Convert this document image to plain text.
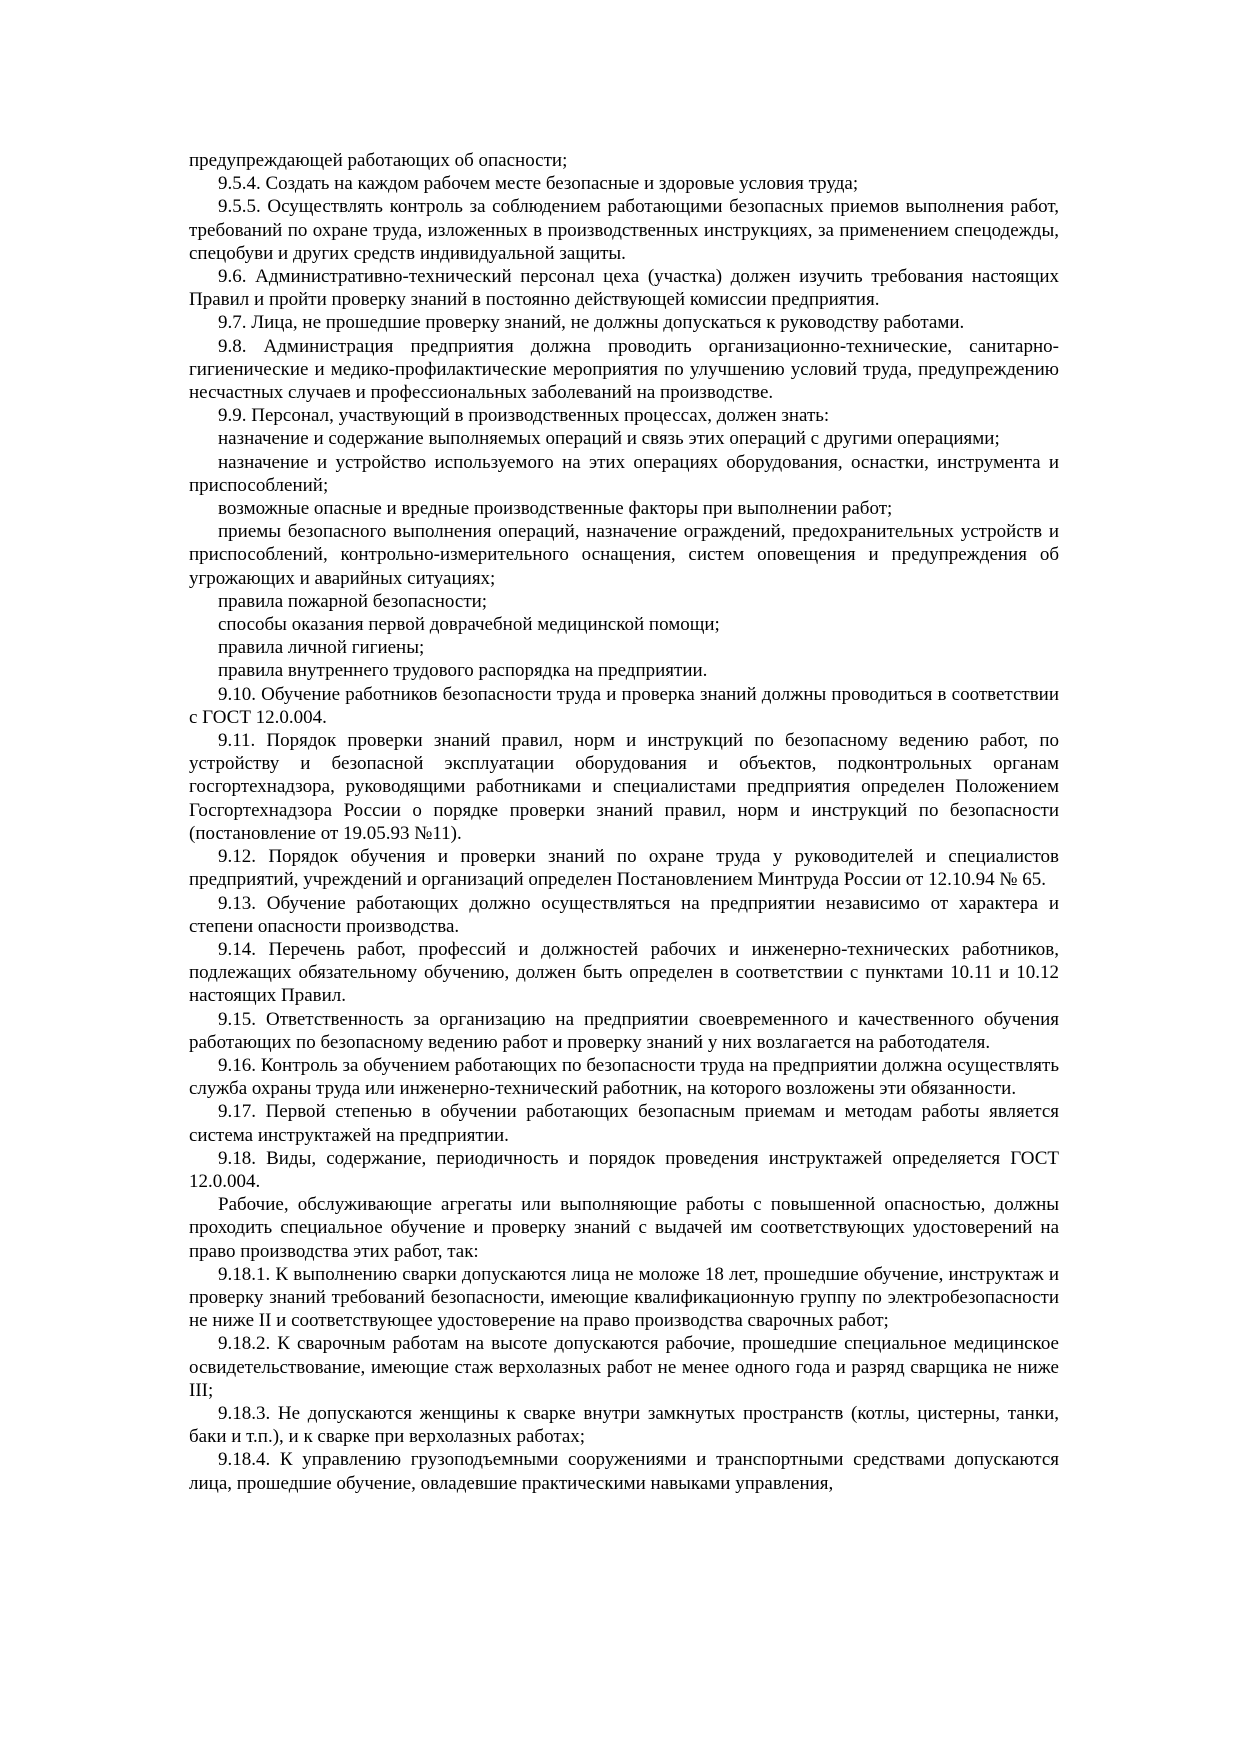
предупреждающей работающих об опасности;

9.5.4. Создать на каждом рабочем месте безопасные и здоровые условия труда;

9.5.5. Осуществлять контроль за соблюдением работающими безопасных приемов выполнения работ, требований по охране труда, изложенных в производственных инструкциях, за применением спецодежды, спецобуви и других средств индивидуальной защиты.

9.6. Административно-технический персонал цеха (участка) должен изучить требования настоящих Правил и пройти проверку знаний в постоянно действующей комиссии предприятия.

9.7. Лица, не прошедшие проверку знаний, не должны допускаться к руководству работами.

9.8. Администрация предприятия должна проводить организационно-технические, санитарно-гигиенические и медико-профилактические мероприятия по улучшению условий труда, предупреждению несчастных случаев и профессиональных заболеваний на производстве.

9.9. Персонал, участвующий в производственных процессах, должен знать:

назначение и содержание выполняемых операций и связь этих операций с другими операциями;

назначение и устройство используемого на этих операциях оборудования, оснастки, инструмента и приспособлений;

возможные опасные и вредные производственные факторы при выполнении работ;

приемы безопасного выполнения операций, назначение ограждений, предохранительных устройств и приспособлений, контрольно-измерительного оснащения, систем оповещения и предупреждения об угрожающих и аварийных ситуациях;

правила пожарной безопасности;

способы оказания первой доврачебной медицинской помощи;

правила личной гигиены;

правила внутреннего трудового распорядка на предприятии.

9.10. Обучение работников безопасности труда и проверка знаний должны проводиться в соответствии с ГОСТ 12.0.004.

9.11. Порядок проверки знаний правил, норм и инструкций по безопасному ведению работ, по устройству и безопасной эксплуатации оборудования и объектов, подконтрольных органам госгортехнадзора, руководящими работниками и специалистами предприятия определен Положением Госгортехнадзора России о порядке проверки знаний правил, норм и инструкций по безопасности (постановление от 19.05.93 №11).

9.12. Порядок обучения и проверки знаний по охране труда у руководителей и специалистов предприятий, учреждений и организаций определен Постановлением Минтруда России от 12.10.94 № 65.

9.13. Обучение работающих должно осуществляться на предприятии независимо от характера и степени опасности производства.

9.14. Перечень работ, профессий и должностей рабочих и инженерно-технических работников, подлежащих обязательному обучению, должен быть определен в соответствии с пунктами 10.11 и 10.12 настоящих Правил.

9.15. Ответственность за организацию на предприятии своевременного и качественного обучения работающих по безопасному ведению работ и проверку знаний у них возлагается на работодателя.

9.16. Контроль за обучением работающих по безопасности труда на предприятии должна осуществлять служба охраны труда или инженерно-технический работник, на которого возложены эти обязанности.

9.17. Первой степенью в обучении работающих безопасным приемам и методам работы является система инструктажей на предприятии.

9.18. Виды, содержание, периодичность и порядок проведения инструктажей определяется ГОСТ 12.0.004.

Рабочие, обслуживающие агрегаты или выполняющие работы с повышенной опасностью, должны проходить специальное обучение и проверку знаний с выдачей им соответствующих удостоверений на право производства этих работ, так:

9.18.1. К выполнению сварки допускаются лица не моложе 18 лет, прошедшие обучение, инструктаж и проверку знаний требований безопасности, имеющие квалификационную группу по электробезопасности не ниже II и соответствующее удостоверение на право производства сварочных работ;

9.18.2. К сварочным работам на высоте допускаются рабочие, прошедшие специальное медицинское освидетельствование, имеющие стаж верхолазных работ не менее одного года и разряд сварщика не ниже III;

9.18.3. Не допускаются женщины к сварке внутри замкнутых пространств (котлы, цистерны, танки, баки и т.п.), и к сварке при верхолазных работах;

9.18.4. К управлению грузоподъемными сооружениями и транспортными средствами допускаются лица, прошедшие обучение, овладевшие практическими навыками управления,
